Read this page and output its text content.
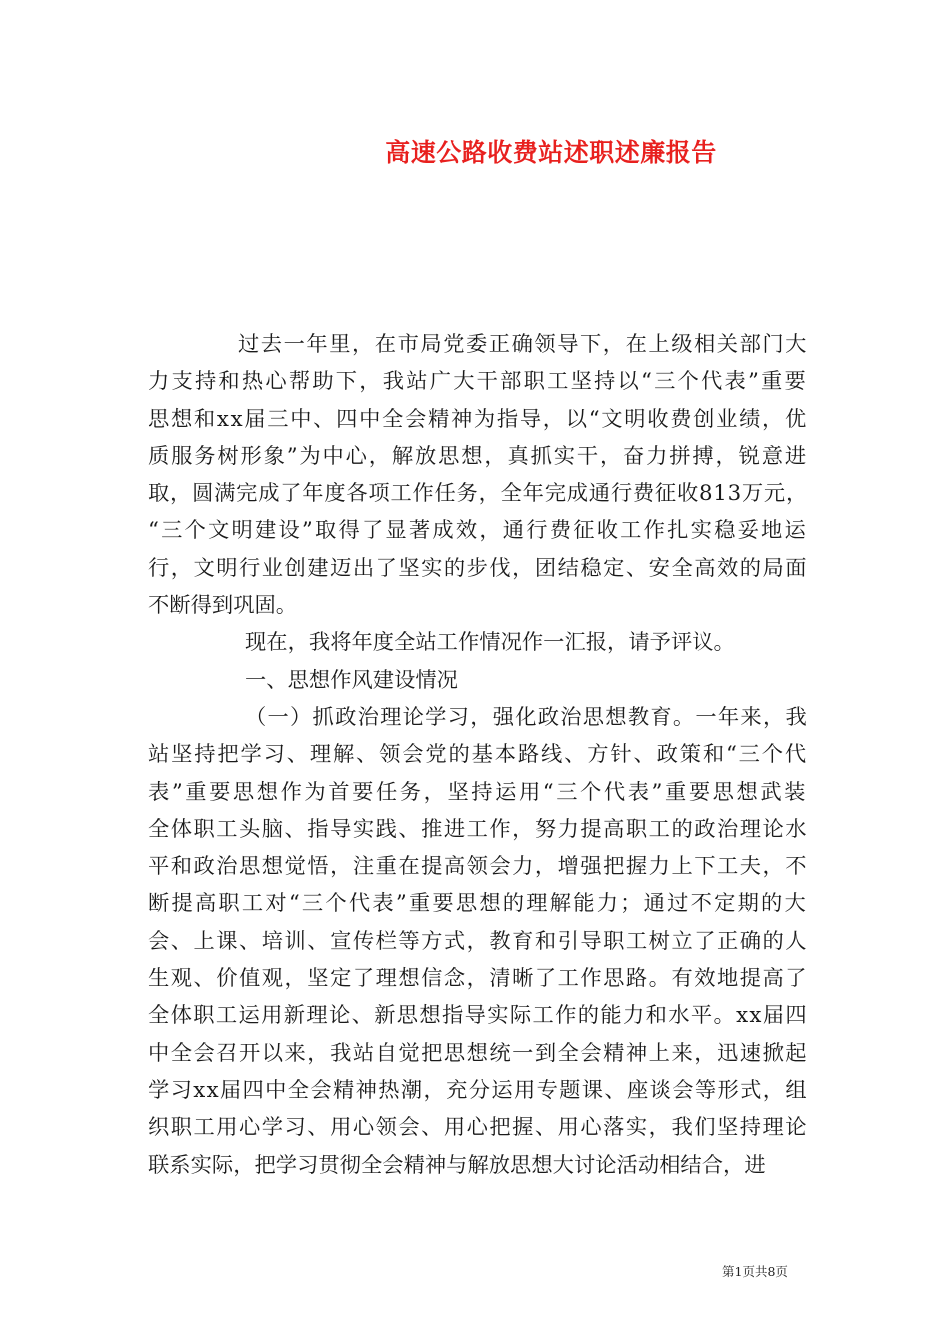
高速公路收费站述职述廉报告
过去一年里，在市局党委正确领导下，在上级相关部门大
力支持和热心帮助下，我站广大干部职工坚持以“三个代表”重要
思想和xx届三中、四中全会精神为指导，以“文明收费创业绩，优
质服务树形象”为中心，解放思想，真抓实干，奋力拼搏，锐意进
取，圆满完成了年度各项工作任务，全年完成通行费征收813万元，
“三个文明建设”取得了显著成效，通行费征收工作扎实稳妥地运
行，文明行业创建迈出了坚实的步伐，团结稳定、安全高效的局面
不断得到巩固。
现在，我将年度全站工作情况作一汇报，请予评议。
一、思想作风建设情况
（一）抓政治理论学习，强化政治思想教育。一年来，我
站坚持把学习、理解、领会党的基本路线、方针、政策和“三个代
表”重要思想作为首要任务，坚持运用“三个代表”重要思想武装
全体职工头脑、指导实践、推进工作，努力提高职工的政治理论水
平和政治思想觉悟，注重在提高领会力，增强把握力上下工夫，不
断提高职工对“三个代表”重要思想的理解能力；通过不定期的大
会、上课、培训、宣传栏等方式，教育和引导职工树立了正确的人
生观、价值观，坚定了理想信念，清晰了工作思路。有效地提高了
全体职工运用新理论、新思想指导实际工作的能力和水平。xx届四
中全会召开以来，我站自觉把思想统一到全会精神上来，迅速掀起
学习xx届四中全会精神热潮，充分运用专题课、座谈会等形式，组
织职工用心学习、用心领会、用心把握、用心落实，我们坚持理论
联系实际，把学习贯彻全会精神与解放思想大讨论活动相结合，进
第1页共8页
